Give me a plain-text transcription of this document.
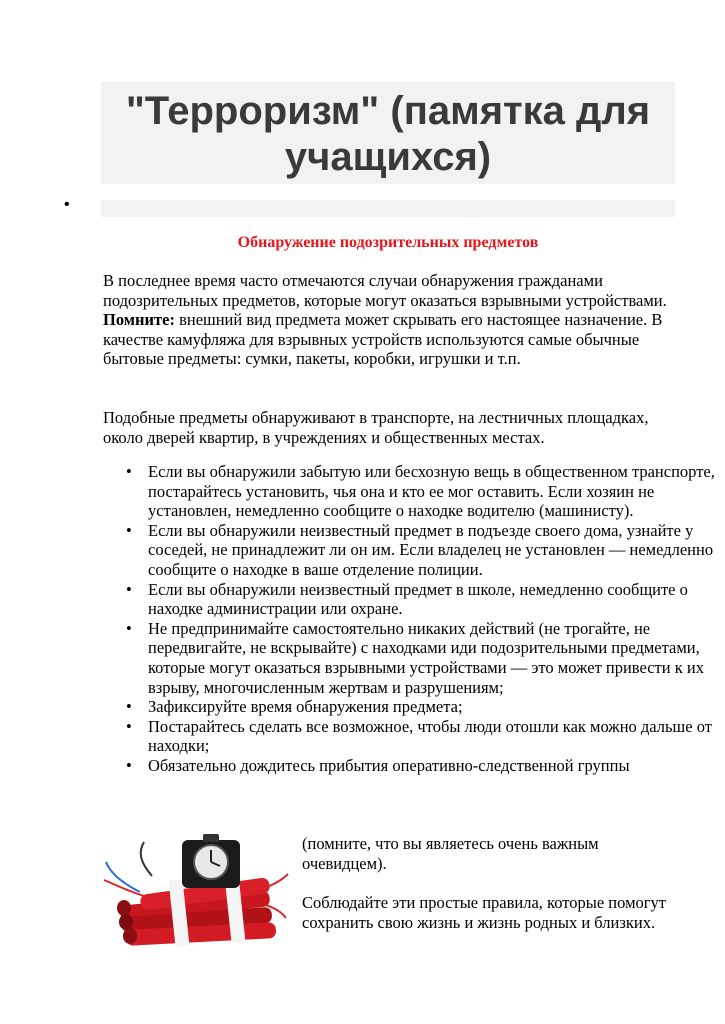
"Терроризм" (памятка для учащихся)
•
Обнаружение подозрительных предметов

В последнее время часто отмечаются случаи обнаружения гражданами подозрительных предметов, которые могут оказаться взрывными устройствами. Помните: внешний вид предмета может скрывать его настоящее назначение. В качестве камуфляжа для взрывных устройств используются самые обычные бытовые предметы: сумки, пакеты, коробки, игрушки и т.п.

Подобные предметы обнаруживают в транспорте, на лестничных площадках, около дверей квартир, в учреждениях и общественных местах.

• Если вы обнаружили забытую или бесхозную вещь в общественном транспорте, постарайтесь установить, чья она и кто ее мог оставить. Если хозяин не установлен, немедленно сообщите о находке водителю (машинисту).
• Если вы обнаружили неизвестный предмет в подъезде своего дома, узнайте у соседей, не принадлежит ли он им. Если владелец не установлен — немедленно сообщите о находке в ваше отделение полиции.
• Если вы обнаружили неизвестный предмет в школе, немедленно сообщите о находке администрации или охране.
• Не предпринимайте самостоятельно никаких действий (не трогайте, не передвигайте, не вскрывайте) с находками иди подозрительными предметами, которые могут оказаться взрывными устройствами — это может привести к их взрыву, многочисленным жертвам и разрушениям;
• Зафиксируйте время обнаружения предмета;
• Постарайтесь сделать все возможное, чтобы люди отошли как можно дальше от находки;
• Обязательно дождитесь прибытия оперативно-следственной группы

(помните, что вы являетесь очень важным очевидцем).

Соблюдайте эти простые правила, которые помогут сохранить свою жизнь и жизнь родных и близких.
